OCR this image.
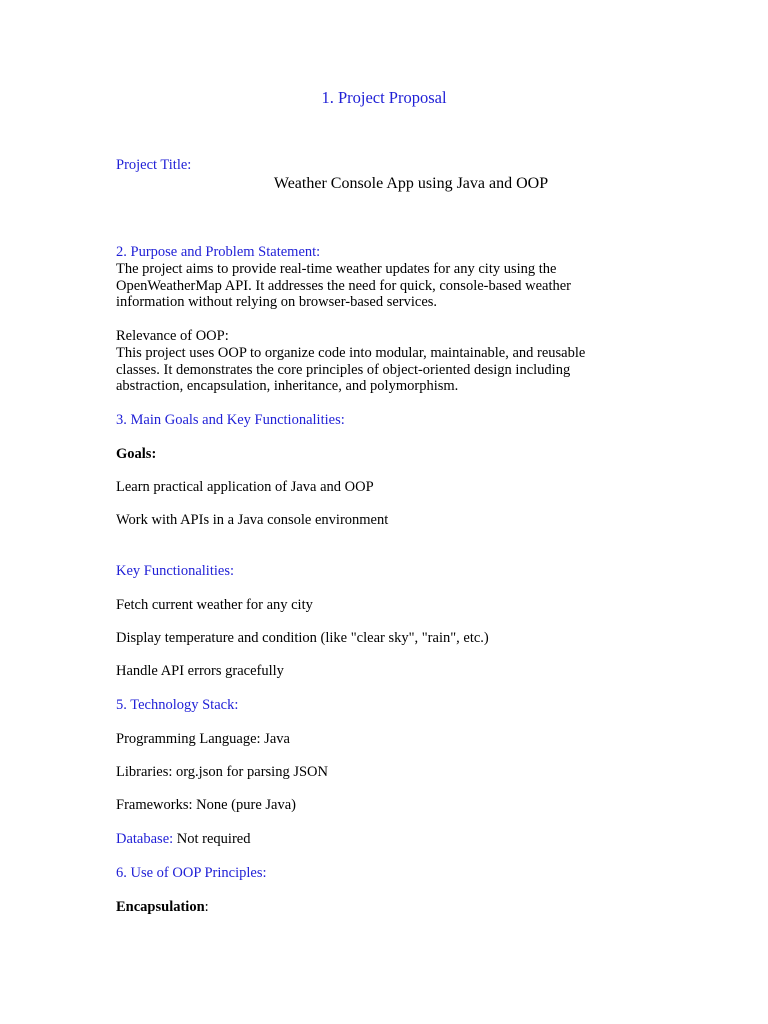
1. Project Proposal
Project Title:
Weather Console App using Java and OOP
2. Purpose and Problem Statement:
The project aims to provide real-time weather updates for any city using the
OpenWeatherMap API. It addresses the need for quick, console-based weather
information without relying on browser-based services.
Relevance of OOP:
This project uses OOP to organize code into modular, maintainable, and reusable
classes. It demonstrates the core principles of object-oriented design including
abstraction, encapsulation, inheritance, and polymorphism.
3. Main Goals and Key Functionalities:
Goals:
Learn practical application of Java and OOP
Work with APIs in a Java console environment
Key Functionalities:
Fetch current weather for any city
Display temperature and condition (like "clear sky", "rain", etc.)
Handle API errors gracefully
5. Technology Stack:
Programming Language: Java
Libraries: org.json for parsing JSON
Frameworks: None (pure Java)
Database: Not required
6. Use of OOP Principles:
Encapsulation:
